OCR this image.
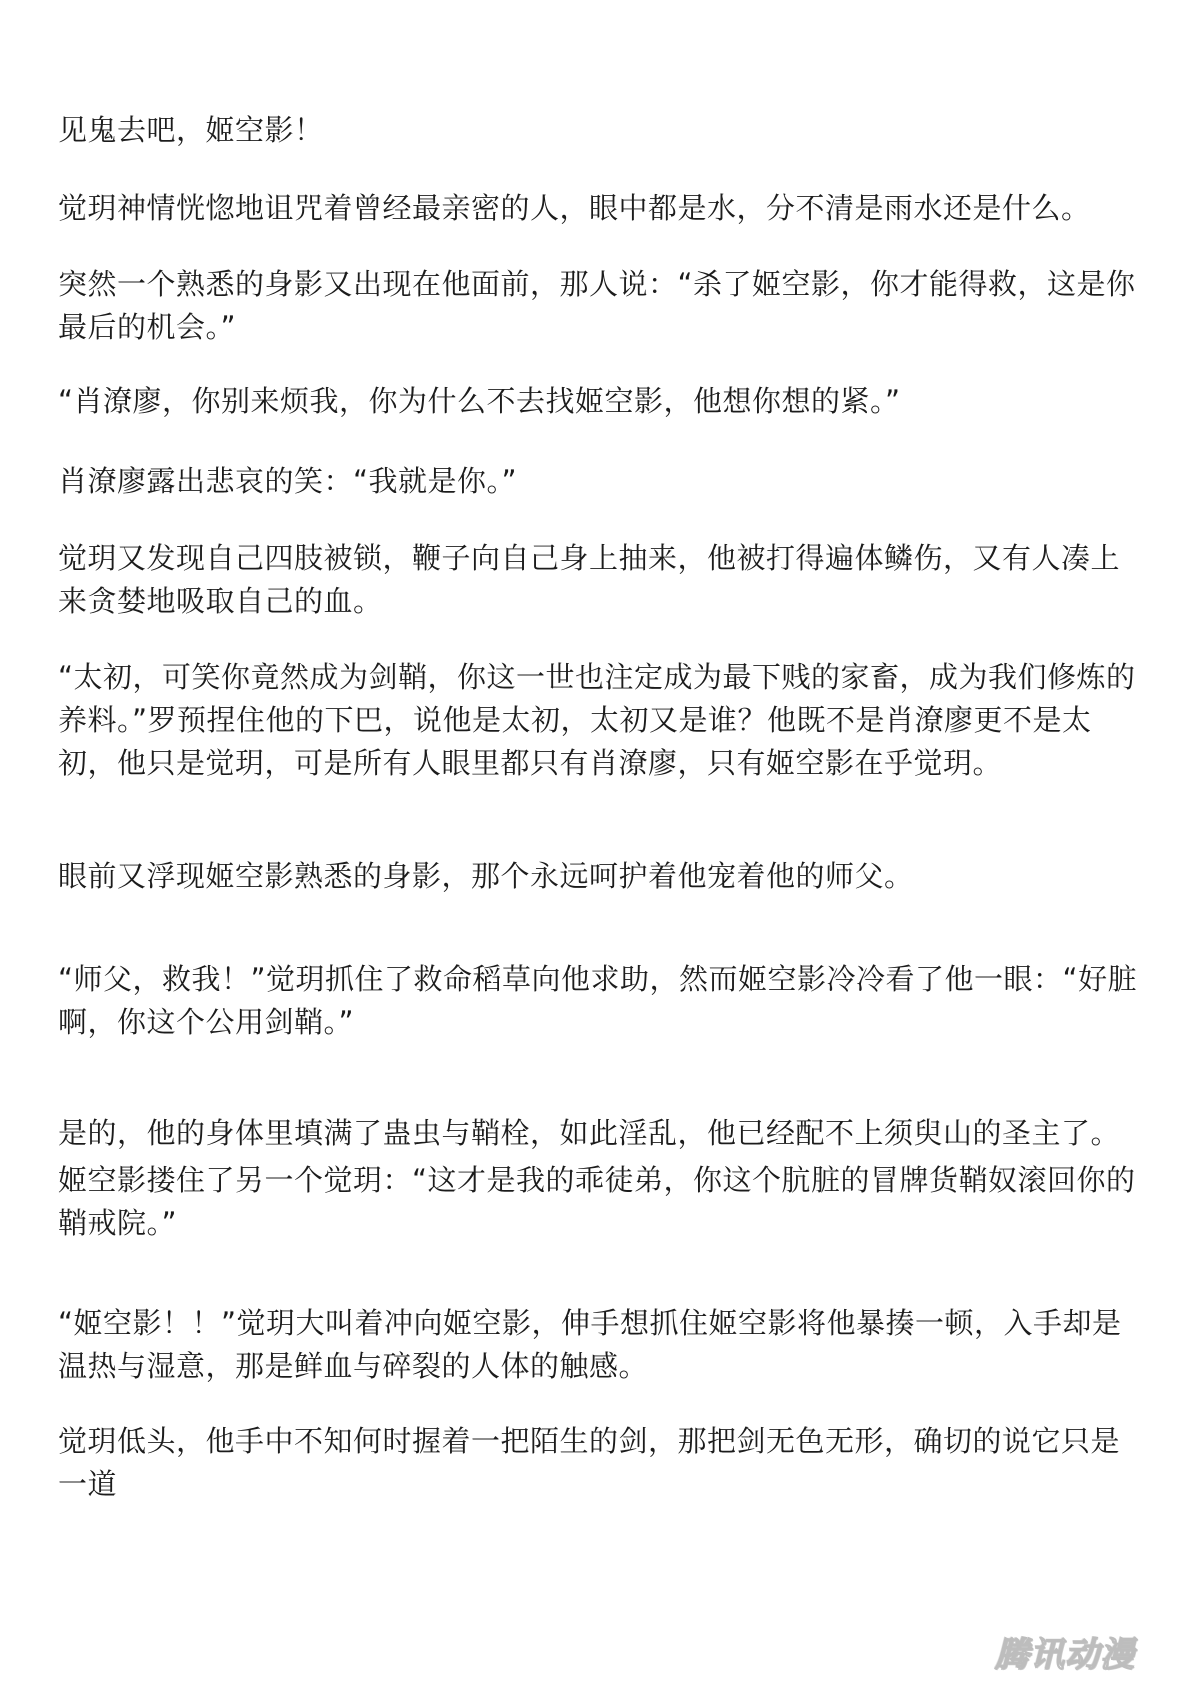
见鬼去吧，姬空影！

觉玥神情恍惚地诅咒着曾经最亲密的人，眼中都是水，分不清是雨水还是什么。

突然一个熟悉的身影又出现在他面前，那人说：“杀了姬空影，你才能得救，这是你最后的机会。”

“肖潦廖，你别来烦我，你为什么不去找姬空影，他想你想的紧。”

肖潦廖露出悲哀的笑：“我就是你。”

觉玥又发现自己四肢被锁，鞭子向自己身上抽来，他被打得遍体鳞伤，又有人凑上来贪婪地吸取自己的血。

“太初，可笑你竟然成为剑鞘，你这一世也注定成为最下贱的家畜，成为我们修炼的养料。”罗预捏住他的下巴，说他是太初，太初又是谁？他既不是肖潦廖更不是太初，他只是觉玥，可是所有人眼里都只有肖潦廖，只有姬空影在乎觉玥。

眼前又浮现姬空影熟悉的身影，那个永远呵护着他宠着他的师父。

“师父，救我！”觉玥抓住了救命稻草向他求助，然而姬空影冷冷看了他一眼：“好脏啊，你这个公用剑鞘。”

是的，他的身体里填满了蛊虫与鞘栓，如此淫乱，他已经配不上须臾山的圣主了。

姬空影搂住了另一个觉玥：“这才是我的乖徒弟，你这个肮脏的冒牌货鞘奴滚回你的鞘戒院。”

“姬空影！！”觉玥大叫着冲向姬空影，伸手想抓住姬空影将他暴揍一顿，入手却是温热与湿意，那是鲜血与碎裂的人体的触感。

觉玥低头，他手中不知何时握着一把陌生的剑，那把剑无色无形，确切的说它只是一道

腾讯动漫
